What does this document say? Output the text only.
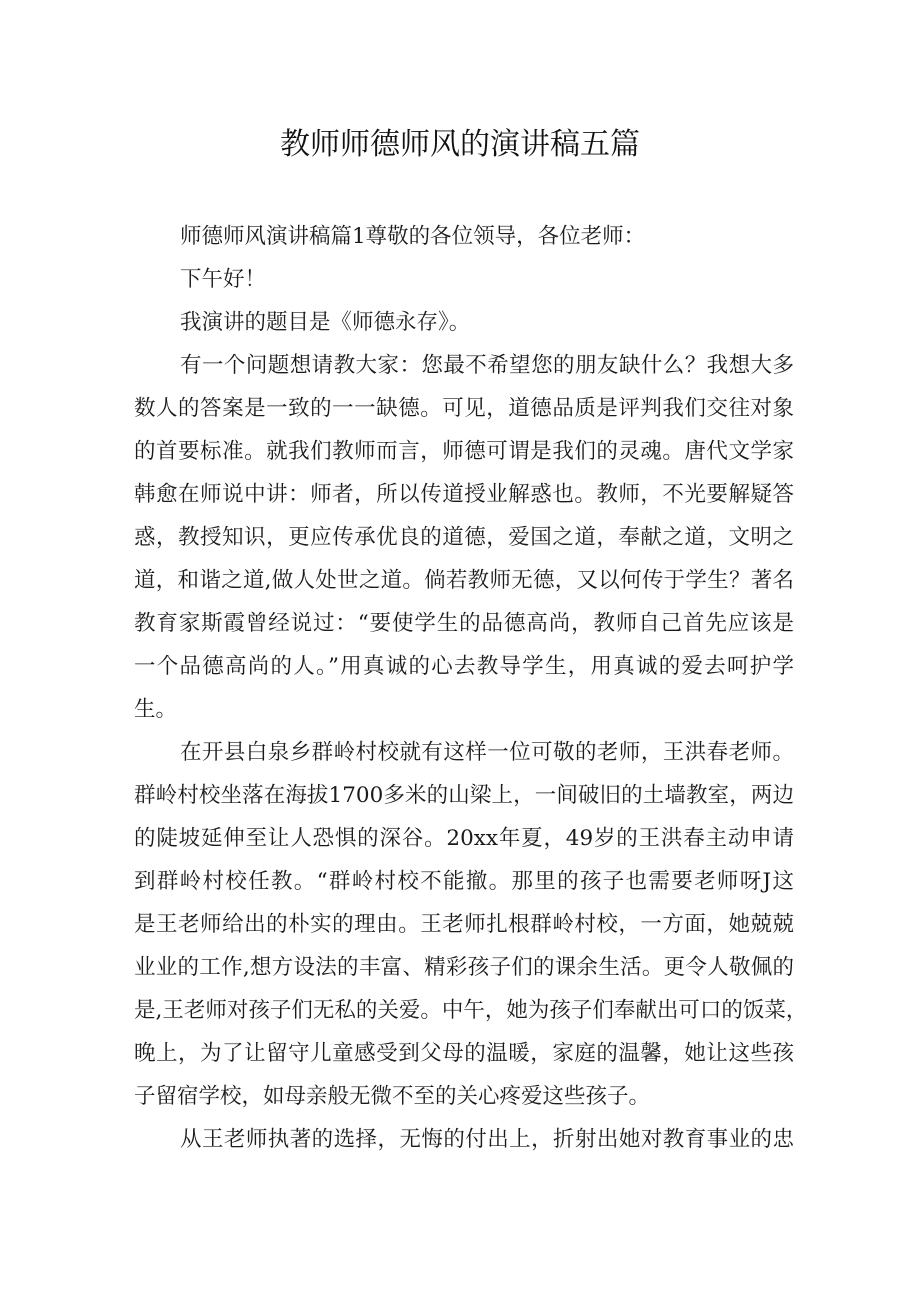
教师师德师风的演讲稿五篇

师德师风演讲稿篇1尊敬的各位领导，各位老师：

下午好！

我演讲的题目是《师德永存》。

有一个问题想请教大家：您最不希望您的朋友缺什么？我想大多

数人的答案是一致的一一缺德。可见，道德品质是评判我们交往对象

的首要标准。就我们教师而言，师德可谓是我们的灵魂。唐代文学家

韩愈在师说中讲：师者，所以传道授业解惑也。教师，不光要解疑答

惑，教授知识，更应传承优良的道德，爱国之道，奉献之道，文明之

道，和谐之道,做人处世之道。倘若教师无德，又以何传于学生？著名

教育家斯霞曾经说过：“要使学生的品德高尚，教师自己首先应该是

一个品德高尚的人。”用真诚的心去教导学生，用真诚的爱去呵护学

生。

在开县白泉乡群岭村校就有这样一位可敬的老师，王洪春老师。

群岭村校坐落在海拔1700多米的山梁上，一间破旧的土墙教室，两边

的陡坡延伸至让人恐惧的深谷。20xx年夏，49岁的王洪春主动申请

到群岭村校任教。“群岭村校不能撤。那里的孩子也需要老师呀J这

是王老师给出的朴实的理由。王老师扎根群岭村校，一方面，她兢兢

业业的工作,想方设法的丰富、精彩孩子们的课余生活。更令人敬佩的

是,王老师对孩子们无私的关爱。中午，她为孩子们奉献出可口的饭菜，

晚上，为了让留守儿童感受到父母的温暖，家庭的温馨，她让这些孩

子留宿学校，如母亲般无微不至的关心疼爱这些孩子。

从王老师执著的选择，无悔的付出上，折射出她对教育事业的忠
